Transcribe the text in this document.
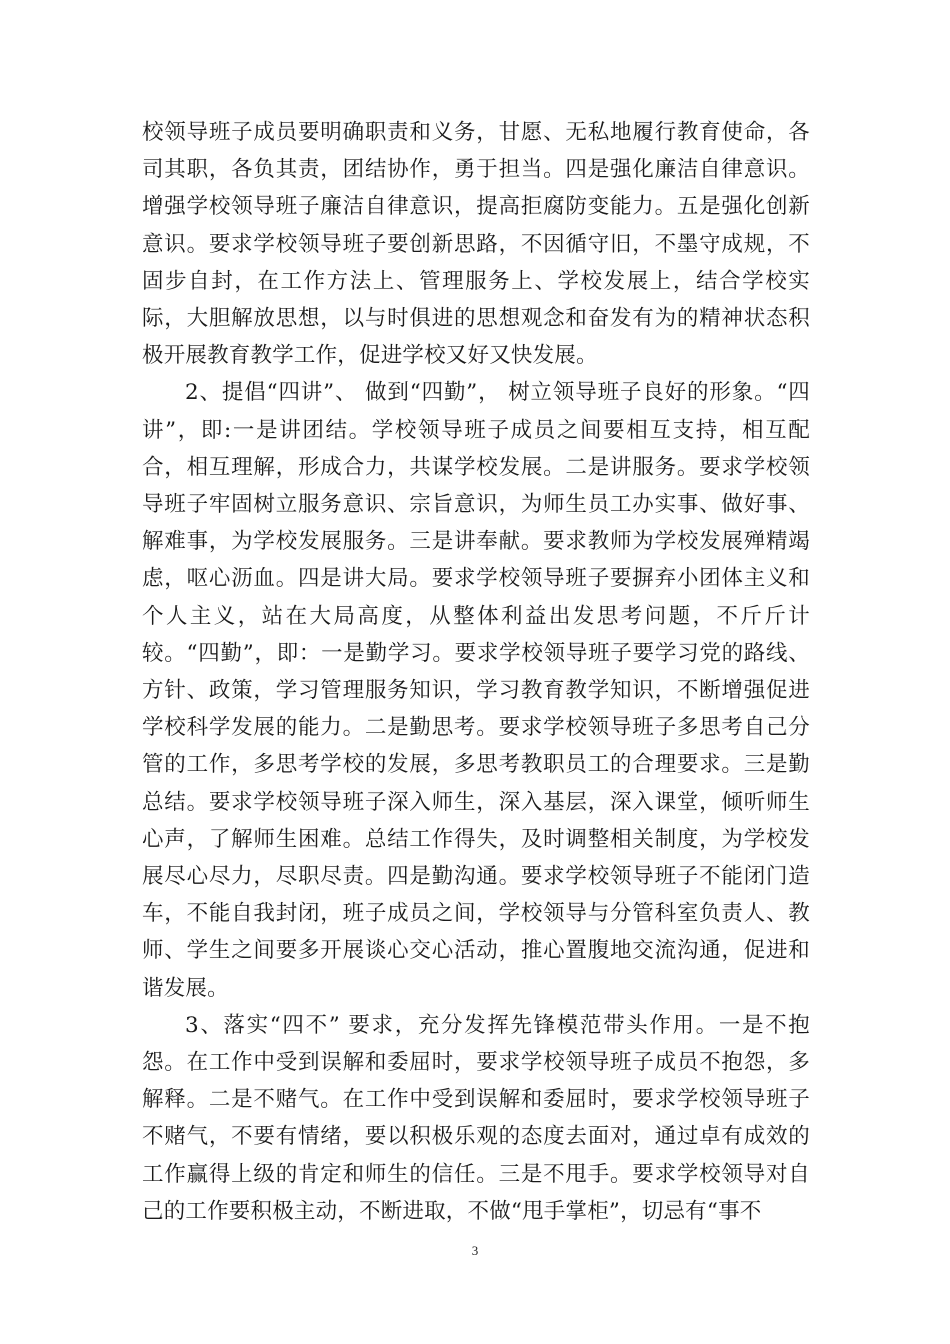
校领导班子成员要明确职责和义务，甘愿、无私地履行教育使命，各司其职，各负其责，团结协作，勇于担当。四是强化廉洁自律意识。增强学校领导班子廉洁自律意识，提高拒腐防变能力。五是强化创新意识。要求学校领导班子要创新思路，不因循守旧，不墨守成规，不固步自封，在工作方法上、管理服务上、学校发展上，结合学校实际，大胆解放思想，以与时俱进的思想观念和奋发有为的精神状态积极开展教育教学工作，促进学校又好又快发展。

2、提倡“四讲”、 做到“四勤”， 树立领导班子良好的形象。“四讲”，即:一是讲团结。学校领导班子成员之间要相互支持，相互配合，相互理解，形成合力，共谋学校发展。二是讲服务。要求学校领导班子牢固树立服务意识、宗旨意识，为师生员工办实事、做好事、解难事，为学校发展服务。三是讲奉献。要求教师为学校发展殚精竭虑，呕心沥血。四是讲大局。要求学校领导班子要摒弃小团体主义和个人主义，站在大局高度，从整体利益出发思考问题，不斤斤计较。“四勤”，即：一是勤学习。要求学校领导班子要学习党的路线、方针、政策，学习管理服务知识，学习教育教学知识，不断增强促进学校科学发展的能力。二是勤思考。要求学校领导班子多思考自己分管的工作，多思考学校的发展，多思考教职员工的合理要求。三是勤总结。要求学校领导班子深入师生，深入基层，深入课堂，倾听师生心声，了解师生困难。总结工作得失，及时调整相关制度，为学校发展尽心尽力，尽职尽责。四是勤沟通。要求学校领导班子不能闭门造车，不能自我封闭，班子成员之间，学校领导与分管科室负责人、教师、学生之间要多开展谈心交心活动，推心置腹地交流沟通，促进和谐发展。

3、落实“四不” 要求，充分发挥先锋模范带头作用。一是不抱怨。在工作中受到误解和委屈时，要求学校领导班子成员不抱怨，多解释。二是不赌气。在工作中受到误解和委屈时，要求学校领导班子不赌气，不要有情绪，要以积极乐观的态度去面对，通过卓有成效的工作赢得上级的肯定和师生的信任。三是不甩手。要求学校领导对自己的工作要积极主动，不断进取，不做“甩手掌柜”，切忌有“事不

3
